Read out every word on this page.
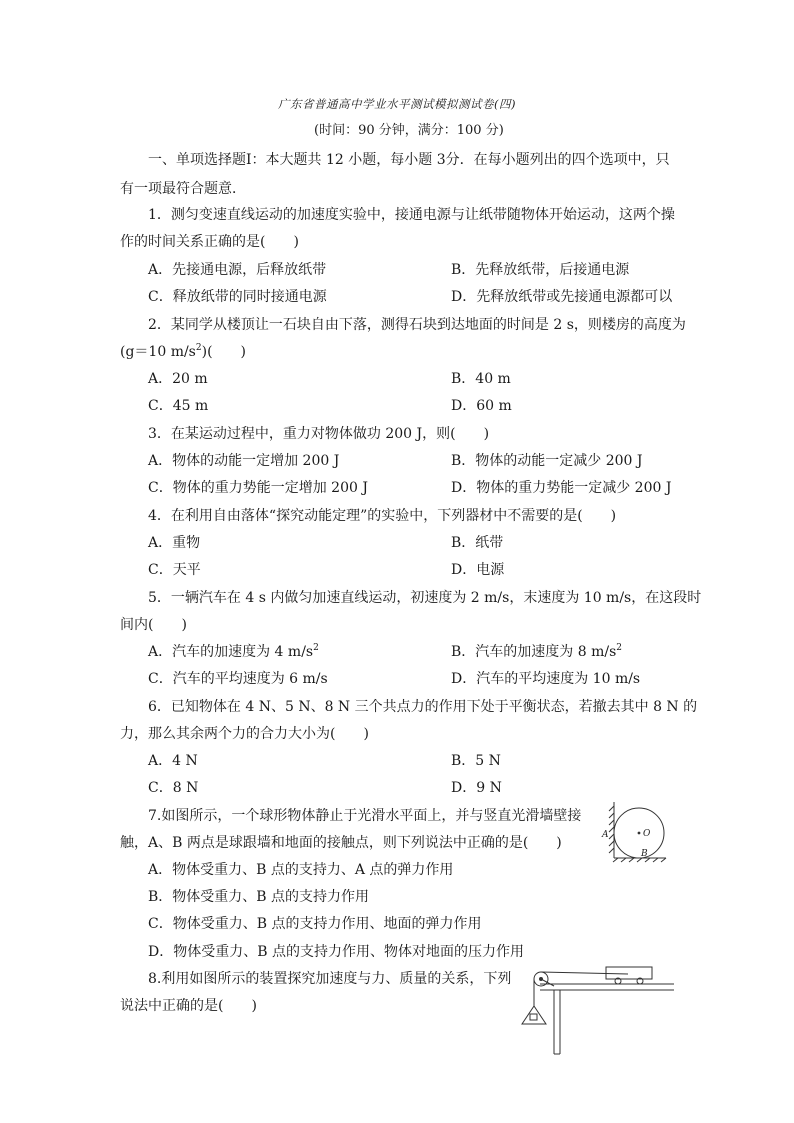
广东省普通高中学业水平测试模拟测试卷(四)
(时间：90 分钟，满分：100 分)
一、单项选择题Ⅰ：本大题共 12 小题，每小题 3分．在每小题列出的四个选项中，只
有一项最符合题意．
1．测匀变速直线运动的加速度实验中，接通电源与让纸带随物体开始运动，这两个操
作的时间关系正确的是(　　)
A．先接通电源，后释放纸带	B．先释放纸带，后接通电源
C．释放纸带的同时接通电源	D．先释放纸带或先接通电源都可以
2．某同学从楼顶让一石块自由下落，测得石块到达地面的时间是 2 s，则楼房的高度为
(g＝10 $m/s^2$)(　　)
A．20 m	B．40 m
C．45 m	D．60 m
3．在某运动过程中，重力对物体做功 200 J，则(　　)
A．物体的动能一定增加 200 J	B．物体的动能一定减少 200 J
C．物体的重力势能一定增加 200 J	D．物体的重力势能一定减少 200 J
4．在利用自由落体“探究动能定理”的实验中，下列器材中不需要的是(　　)
A．重物	B．纸带
C．天平	D．电源
5．一辆汽车在 4 s 内做匀加速直线运动，初速度为 2 m/s，末速度为 10 m/s，在这段时
间内(　　)
A．汽车的加速度为 4 $m/s^2$	B．汽车的加速度为 8 $m/s^2$
C．汽车的平均速度为 6 m/s	D．汽车的平均速度为 10 m/s
6．已知物体在 4 N、5 N、8 N 三个共点力的作用下处于平衡状态，若撤去其中 8 N 的
力，那么其余两个力的合力大小为(　　)
A．4 N	B．5 N
C．8 N	D．9 N
7.如图所示，一个球形物体静止于光滑水平面上，并与竖直光滑墙壁接
触，A、B 两点是球跟墙和地面的接触点，则下列说法中正确的是(　　)
A．物体受重力、B 点的支持力、A 点的弹力作用
B．物体受重力、B 点的支持力作用
C．物体受重力、B 点的支持力作用、地面的弹力作用
D．物体受重力、B 点的支持力作用、物体对地面的压力作用
A	O
B
8.利用如图所示的装置探究加速度与力、质量的关系，下列
说法中正确的是(　　)
